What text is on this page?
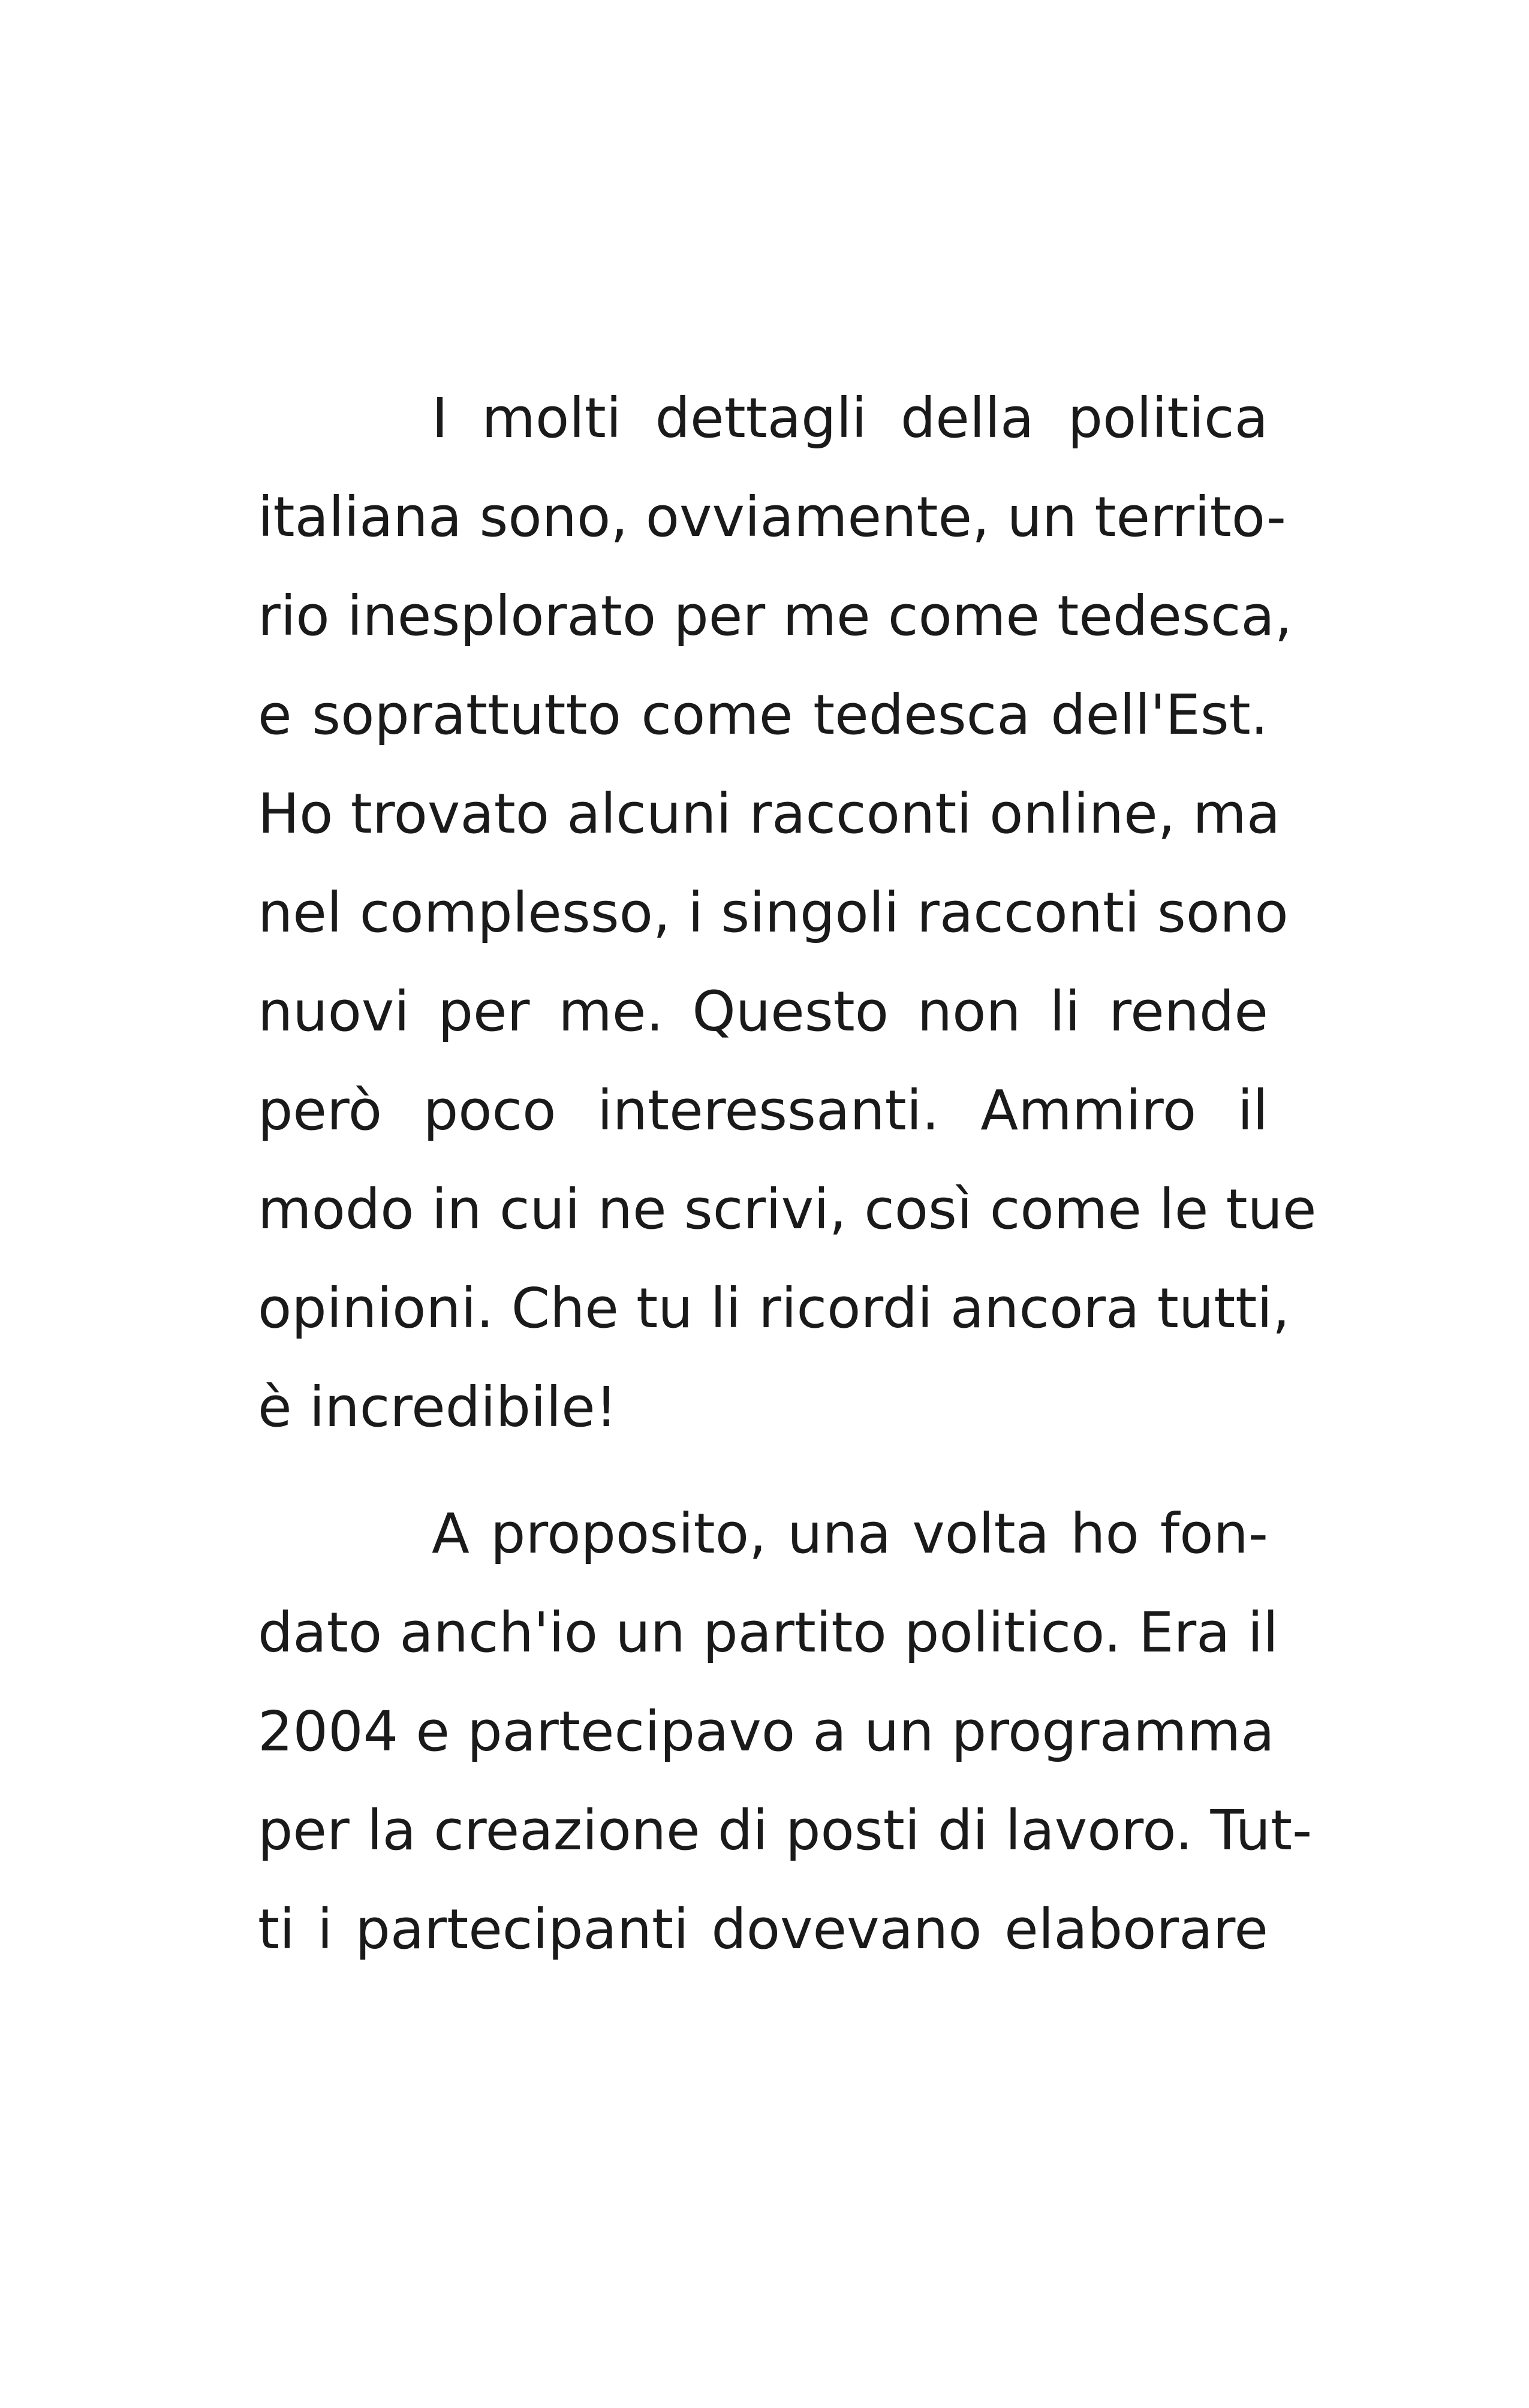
I molti dettagli della politica
italiana sono, ovviamente, un territo-
rio inesplorato per me come tedesca,
e soprattutto come tedesca dell'Est.
Ho trovato alcuni racconti online, ma
nel complesso, i singoli racconti sono
nuovi per me. Questo non li rende
però poco interessanti. Ammiro il
modo in cui ne scrivi, così come le tue
opinioni. Che tu li ricordi ancora tutti,
è incredibile!
A proposito, una volta ho fon-
dato anch'io un partito politico. Era il
2004 e partecipavo a un programma
per la creazione di posti di lavoro. Tut-
ti i partecipanti dovevano elaborare
